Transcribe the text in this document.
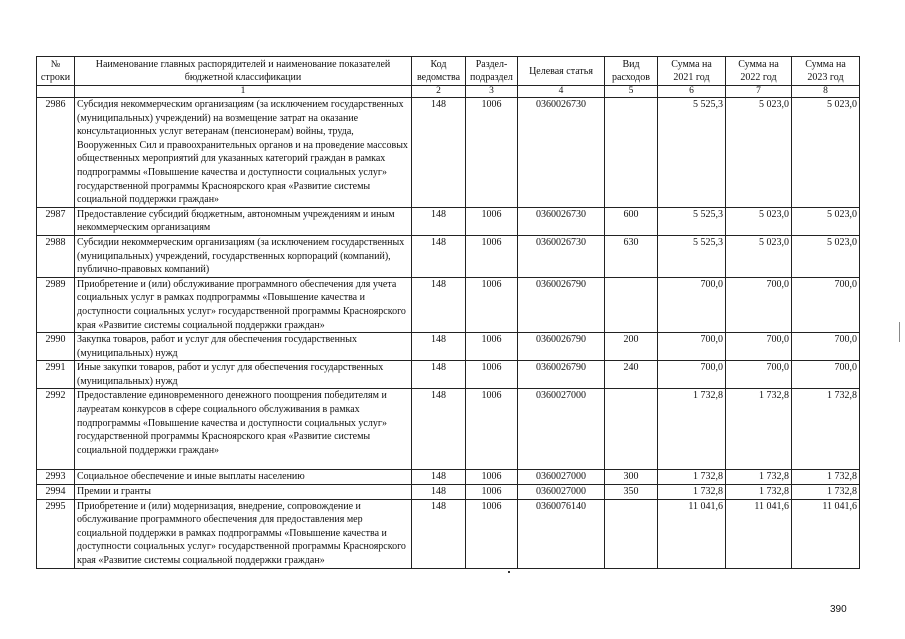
№ строки	Наименование главных распорядителей и наименование показателей бюджетной классификации	Код ведомства	Раздел-подраздел	Целевая статья	Вид расходов	Сумма на 2021 год	Сумма на 2022 год	Сумма на 2023 год
	1	2	3	4	5	6	7	8
2986	Субсидия некоммерческим организациям (за исключением государственных (муниципальных) учреждений) на возмещение затрат на оказание консультационных услуг ветеранам (пенсионерам) войны, труда, Вооруженных Сил и правоохранительных органов и на проведение массовых общественных мероприятий для указанных категорий граждан в рамках подпрограммы «Повышение качества и доступности социальных услуг» государственной программы Красноярского края «Развитие системы социальной поддержки граждан»	148	1006	0360026730		5 525,3	5 023,0	5 023,0
2987	Предоставление субсидий бюджетным, автономным учреждениям и иным некоммерческим организациям	148	1006	0360026730	600	5 525,3	5 023,0	5 023,0
2988	Субсидии некоммерческим организациям (за исключением государственных (муниципальных) учреждений, государственных корпораций (компаний), публично-правовых компаний)	148	1006	0360026730	630	5 525,3	5 023,0	5 023,0
2989	Приобретение и (или) обслуживание программного обеспечения для учета социальных услуг в рамках подпрограммы «Повышение качества и доступности социальных услуг» государственной программы Красноярского края «Развитие системы социальной поддержки граждан»	148	1006	0360026790		700,0	700,0	700,0
2990	Закупка товаров, работ и услуг для обеспечения государственных (муниципальных) нужд	148	1006	0360026790	200	700,0	700,0	700,0
2991	Иные закупки товаров, работ и услуг для обеспечения государственных (муниципальных) нужд	148	1006	0360026790	240	700,0	700,0	700,0
2992	Предоставление единовременного денежного поощрения победителям и лауреатам конкурсов в сфере социального обслуживания в рамках подпрограммы «Повышение качества и доступности социальных услуг» государственной программы Красноярского края «Развитие системы социальной поддержки граждан»	148	1006	0360027000		1 732,8	1 732,8	1 732,8
2993	Социальное обеспечение и иные выплаты населению	148	1006	0360027000	300	1 732,8	1 732,8	1 732,8
2994	Премии и гранты	148	1006	0360027000	350	1 732,8	1 732,8	1 732,8
2995	Приобретение и (или) модернизация, внедрение, сопровождение и обслуживание программного обеспечения для предоставления мер социальной поддержки в рамках подпрограммы «Повышение качества и доступности социальных услуг» государственной программы Красноярского края «Развитие системы социальной поддержки граждан»	148	1006	0360076140		11 041,6	11 041,6	11 041,6
390
